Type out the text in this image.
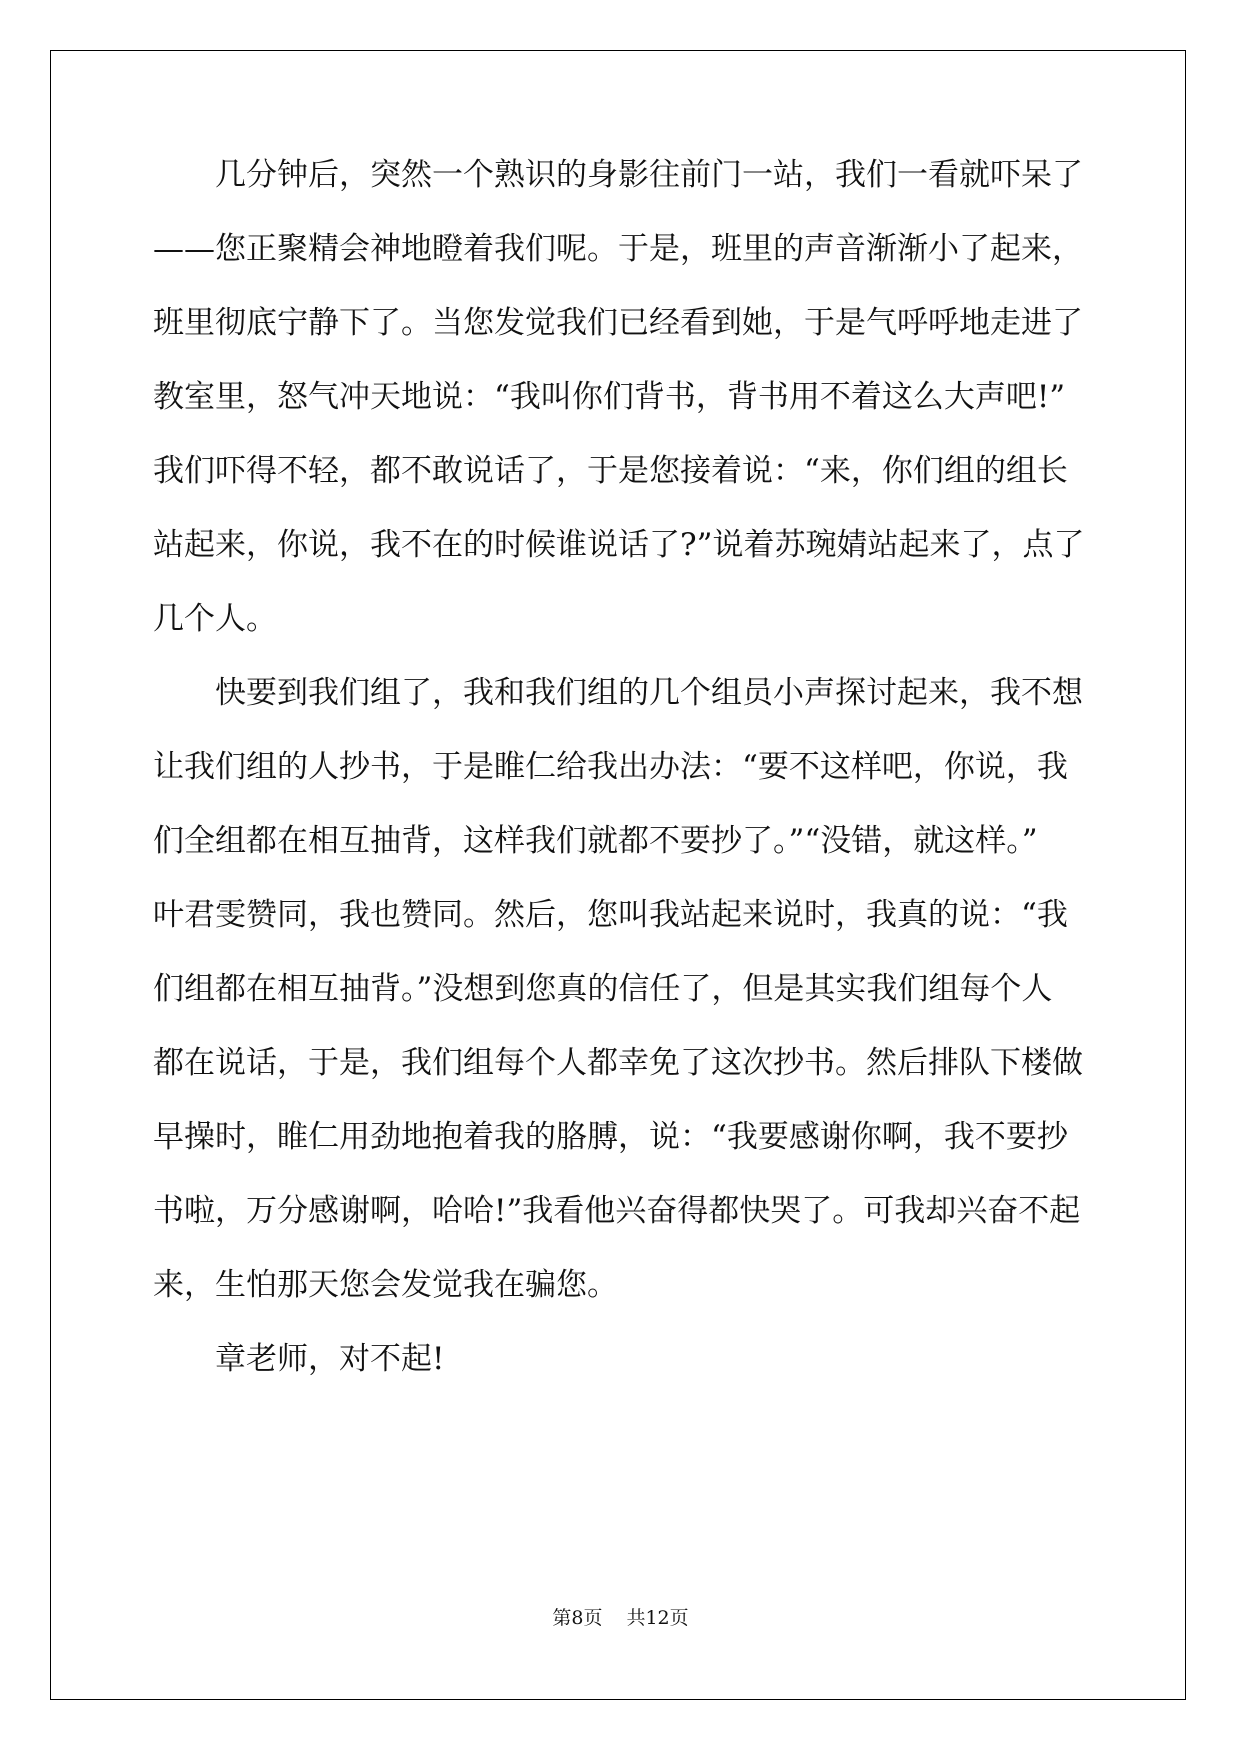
　　几分钟后，突然一个熟识的身影往前门一站，我们一看就吓呆了
——您正聚精会神地瞪着我们呢。于是，班里的声音渐渐小了起来，
班里彻底宁静下了。当您发觉我们已经看到她，于是气呼呼地走进了
教室里，怒气冲天地说：“我叫你们背书，背书用不着这么大声吧!”
我们吓得不轻，都不敢说话了，于是您接着说：“来，你们组的组长
站起来，你说，我不在的时候谁说话了?”说着苏琬婧站起来了，点了
几个人。
　　快要到我们组了，我和我们组的几个组员小声探讨起来，我不想
让我们组的人抄书，于是睢仁给我出办法：“要不这样吧，你说，我
们全组都在相互抽背，这样我们就都不要抄了。”“没错，就这样。”
叶君雯赞同，我也赞同。然后，您叫我站起来说时，我真的说：“我
们组都在相互抽背。”没想到您真的信任了，但是其实我们组每个人
都在说话，于是，我们组每个人都幸免了这次抄书。然后排队下楼做
早操时，睢仁用劲地抱着我的胳膊，说：“我要感谢你啊，我不要抄
书啦，万分感谢啊，哈哈!”我看他兴奋得都快哭了。可我却兴奋不起
来，生怕那天您会发觉我在骗您。
　　章老师，对不起!
第8页 共12页
